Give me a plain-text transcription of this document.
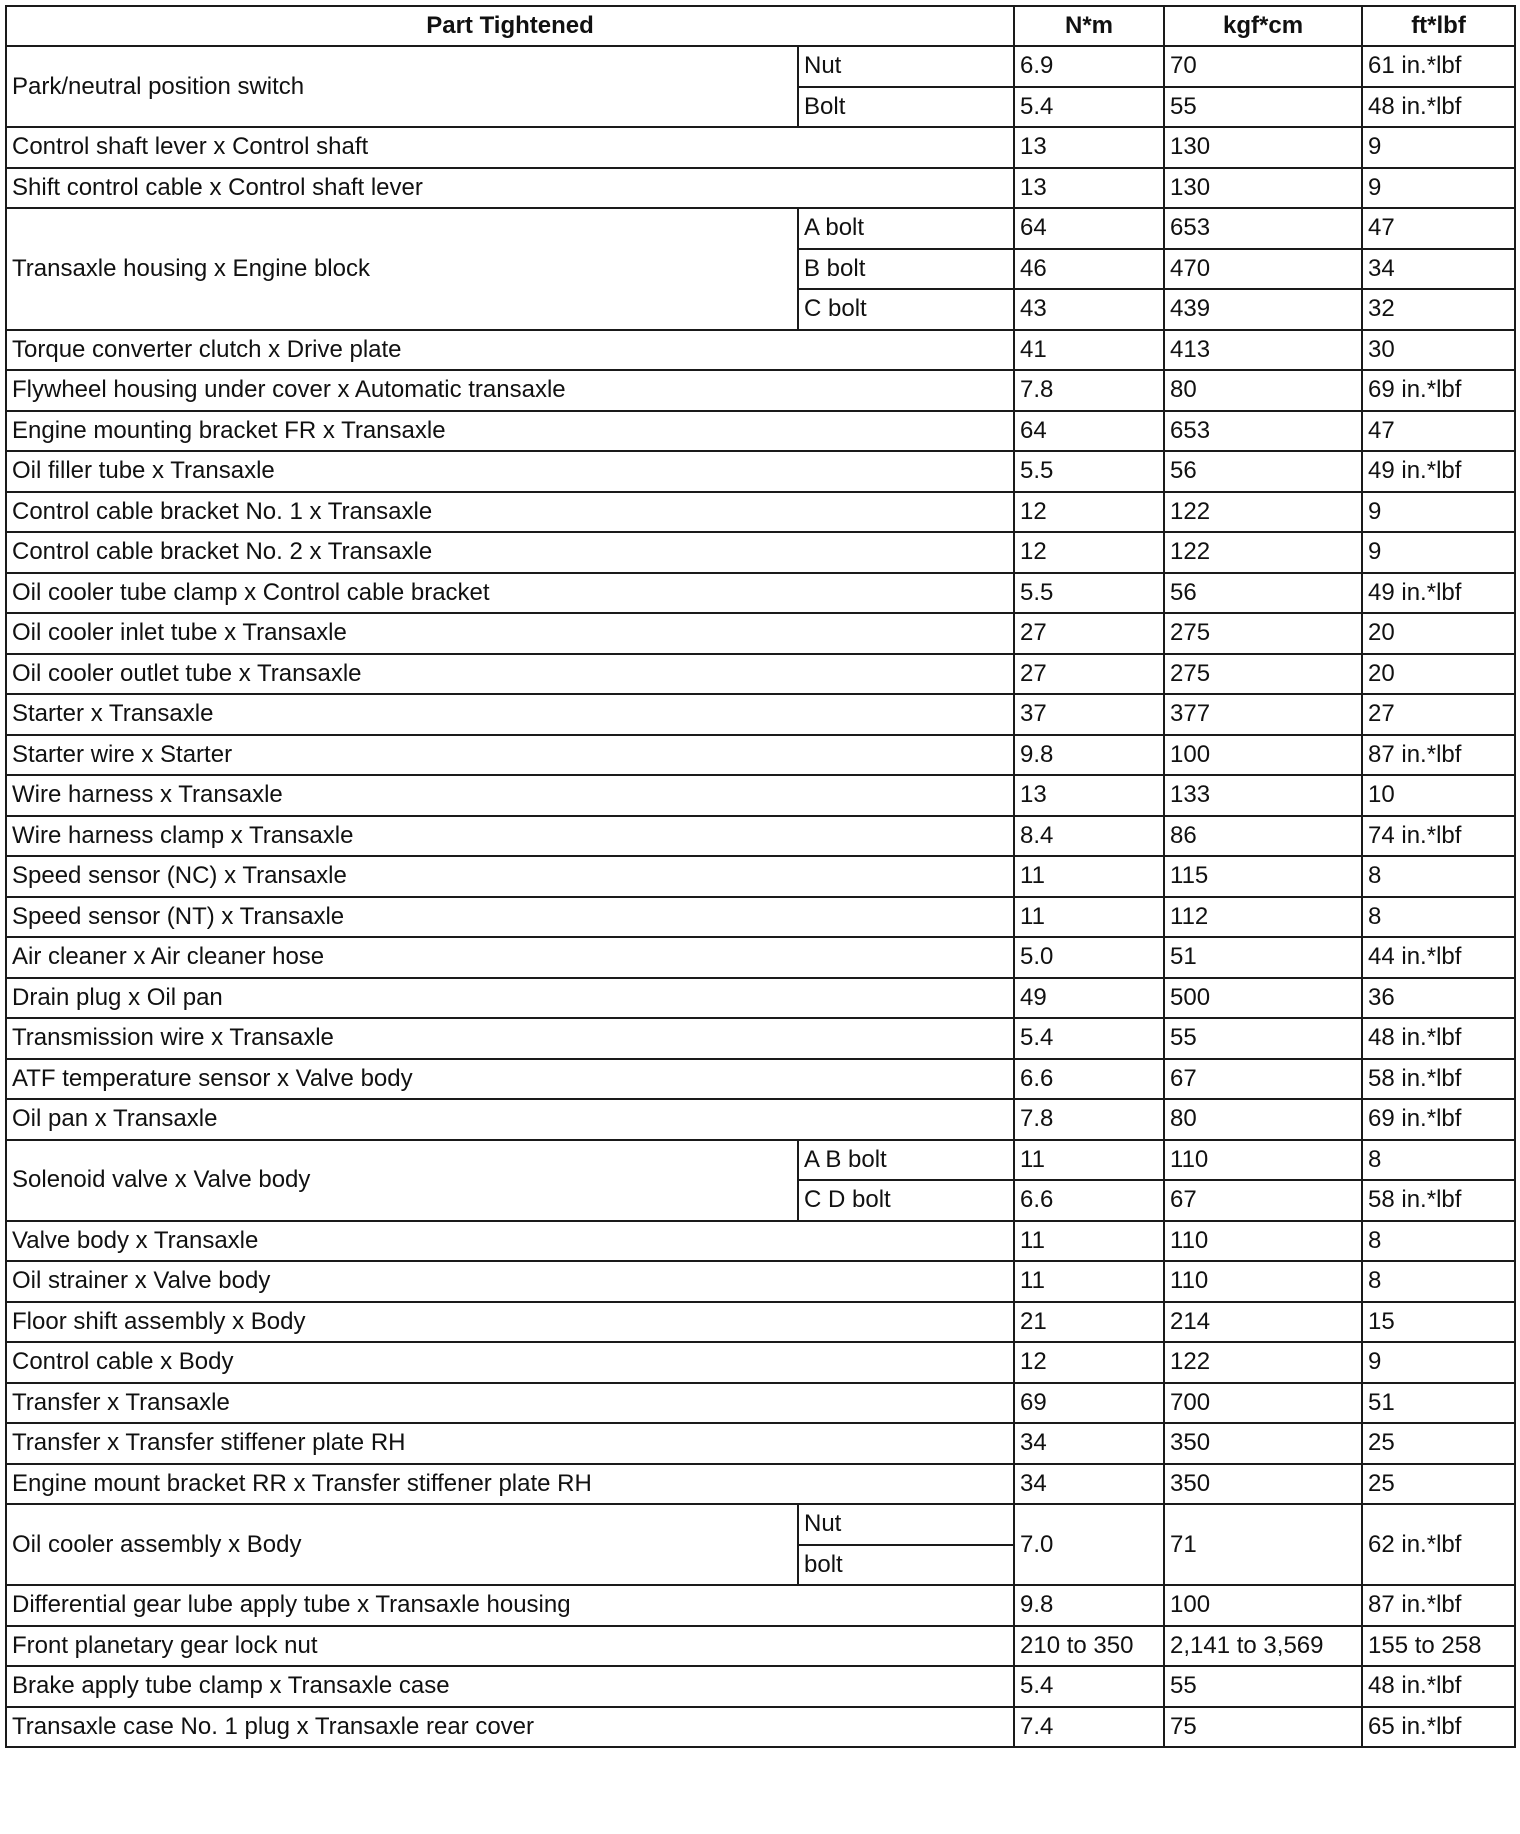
Part Tightened		N*m	kgf*cm	ft*lbf
Park/neutral position switch	Nut	6.9	70	61 in.*lbf
	Bolt	5.4	55	48 in.*lbf
Control shaft lever x Control shaft		13	130	9
Shift control cable x Control shaft lever		13	130	9
Transaxle housing x Engine block	A bolt	64	653	47
	B bolt	46	470	34
	C bolt	43	439	32
Torque converter clutch x Drive plate		41	413	30
Flywheel housing under cover x Automatic transaxle		7.8	80	69 in.*lbf
Engine mounting bracket FR x Transaxle		64	653	47
Oil filler tube x Transaxle		5.5	56	49 in.*lbf
Control cable bracket No. 1 x Transaxle		12	122	9
Control cable bracket No. 2 x Transaxle		12	122	9
Oil cooler tube clamp x Control cable bracket		5.5	56	49 in.*lbf
Oil cooler inlet tube x Transaxle		27	275	20
Oil cooler outlet tube x Transaxle		27	275	20
Starter x Transaxle		37	377	27
Starter wire x Starter		9.8	100	87 in.*lbf
Wire harness x Transaxle		13	133	10
Wire harness clamp x Transaxle		8.4	86	74 in.*lbf
Speed sensor (NC) x Transaxle		11	115	8
Speed sensor (NT) x Transaxle		11	112	8
Air cleaner x Air cleaner hose		5.0	51	44 in.*lbf
Drain plug x Oil pan		49	500	36
Transmission wire x Transaxle		5.4	55	48 in.*lbf
ATF temperature sensor x Valve body		6.6	67	58 in.*lbf
Oil pan x Transaxle		7.8	80	69 in.*lbf
Solenoid valve x Valve body	A B bolt	11	110	8
	C D bolt	6.6	67	58 in.*lbf
Valve body x Transaxle		11	110	8
Oil strainer x Valve body		11	110	8
Floor shift assembly x Body		21	214	15
Control cable x Body		12	122	9
Transfer x Transaxle		69	700	51
Transfer x Transfer stiffener plate RH		34	350	25
Engine mount bracket RR x Transfer stiffener plate RH		34	350	25
Oil cooler assembly x Body	Nut	7.0	71	62 in.*lbf
	bolt			
Differential gear lube apply tube x Transaxle housing		9.8	100	87 in.*lbf
Front planetary gear lock nut		210 to 350	2,141 to 3,569	155 to 258
Brake apply tube clamp x Transaxle case		5.4	55	48 in.*lbf
Transaxle case No. 1 plug x Transaxle rear cover		7.4	75	65 in.*lbf
